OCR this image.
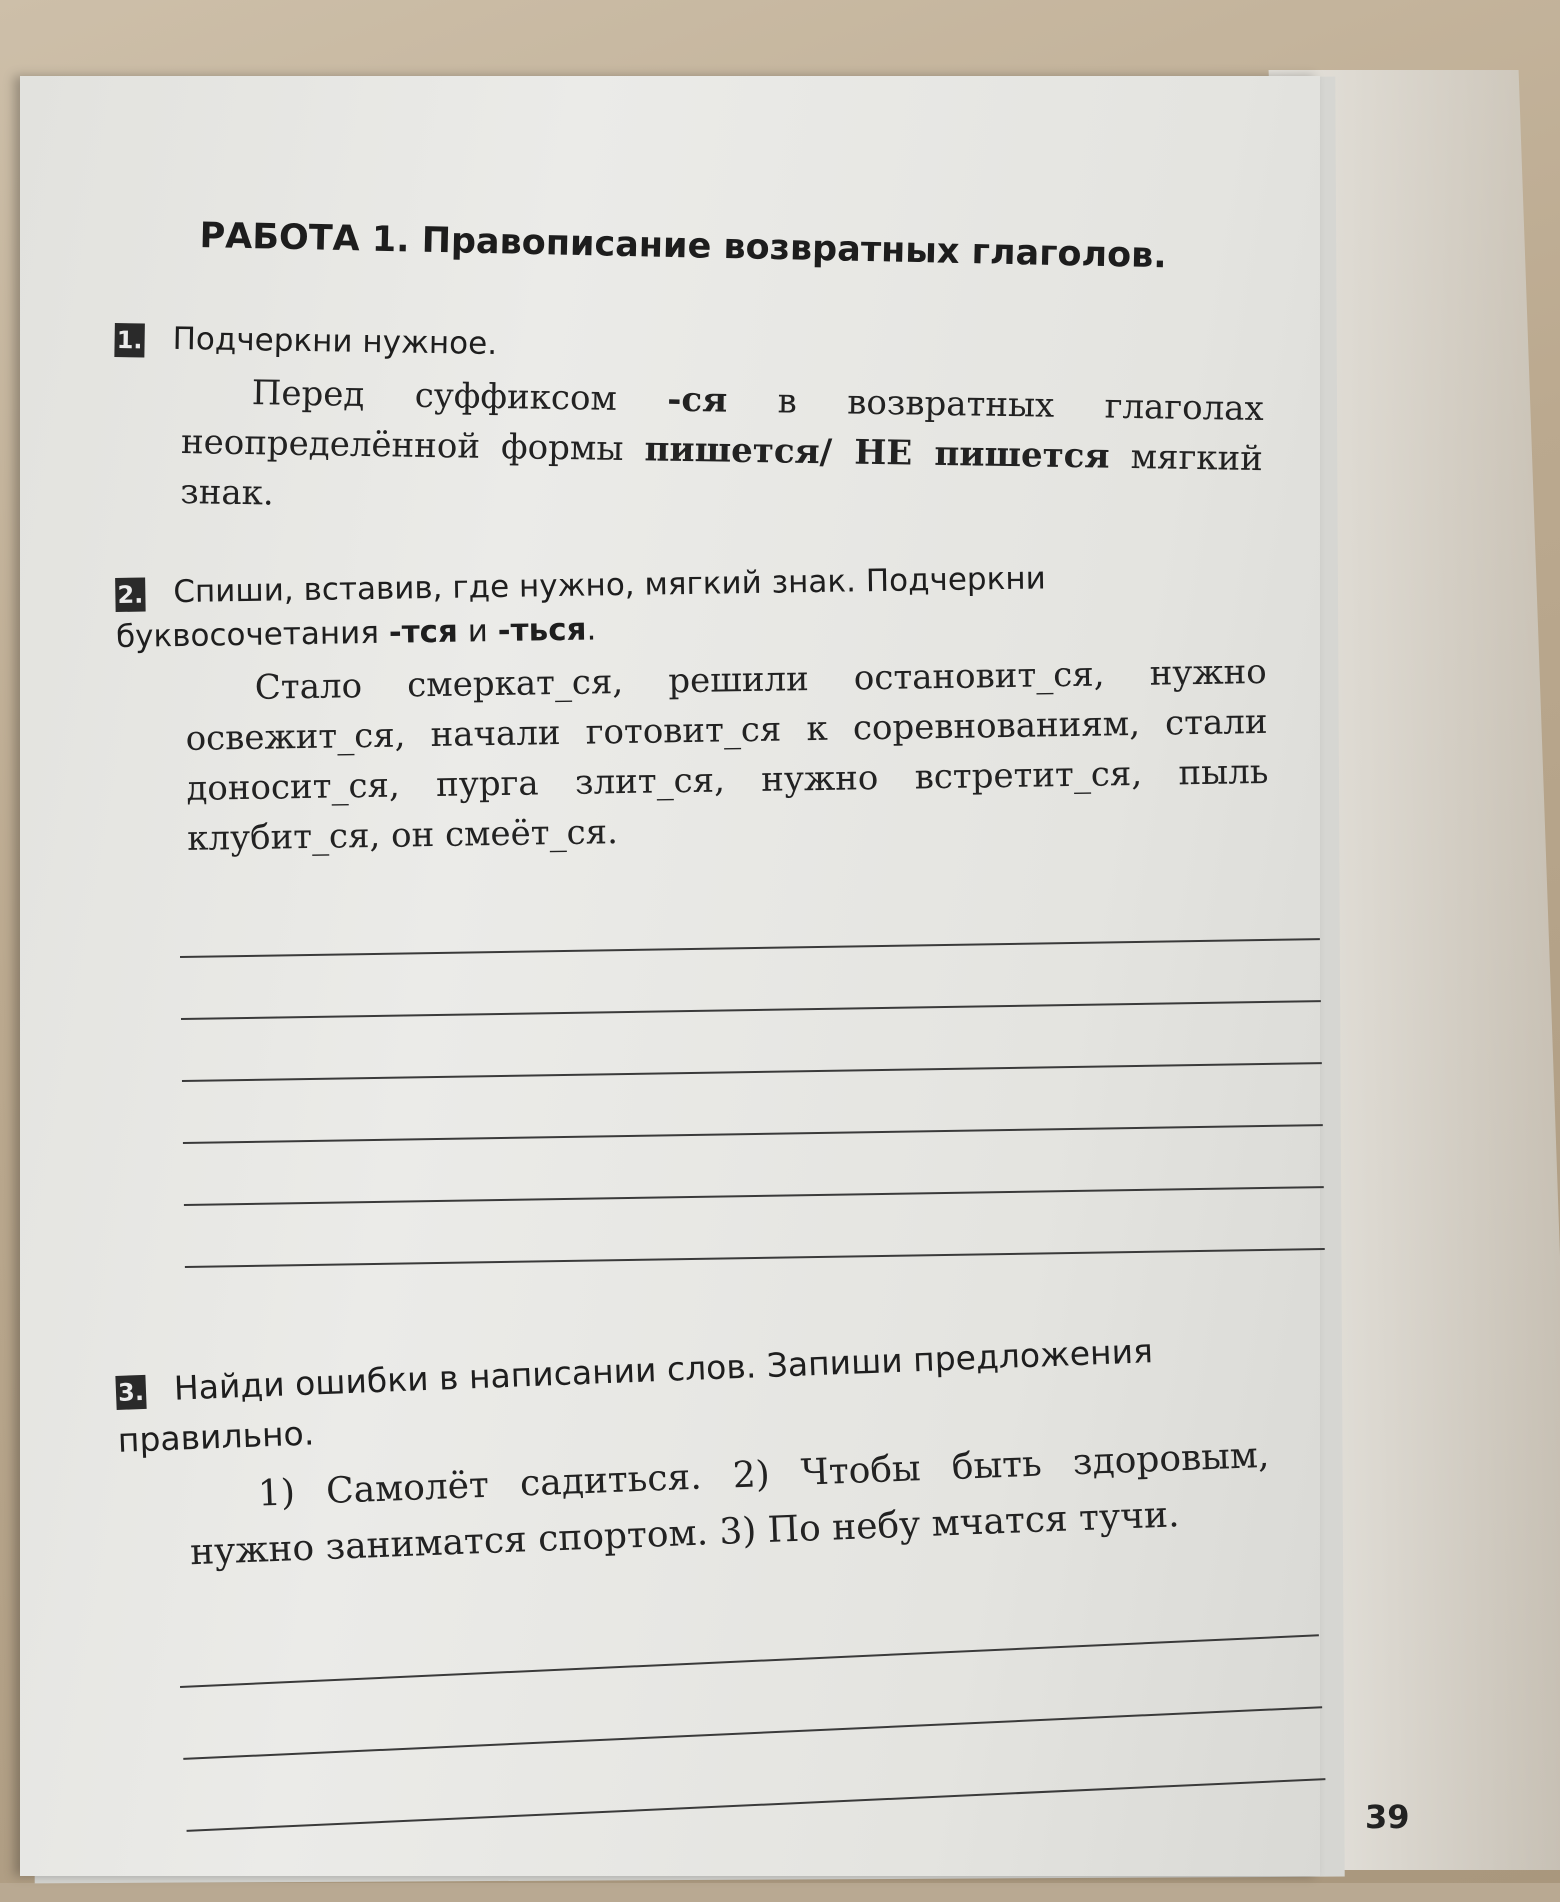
РАБОТА 1. Правописание возвратных глаголов.
1. Подчеркни нужное.
Перед суффиксом -ся в возвратных глаголах неопределённой формы пишется/ НЕ пишется мягкий знак.
2. Спиши, вставив, где нужно, мягкий знак. Подчеркни буквосочетания -тся и -ться.
Стало смеркат_ся, решили остановит_ся, нужно освежит_ся, начали готовит_ся к соревнованиям, стали доносит_ся, пурга злит_ся, нужно встретит_ся, пыль клубит_ся, он смеёт_ся.
3. Найди ошибки в написании слов. Запиши предложения правильно.
1) Самолёт садиться. 2) Чтобы быть здоровым, нужно заниматся спортом. 3) По небу мчатся тучи.
39
